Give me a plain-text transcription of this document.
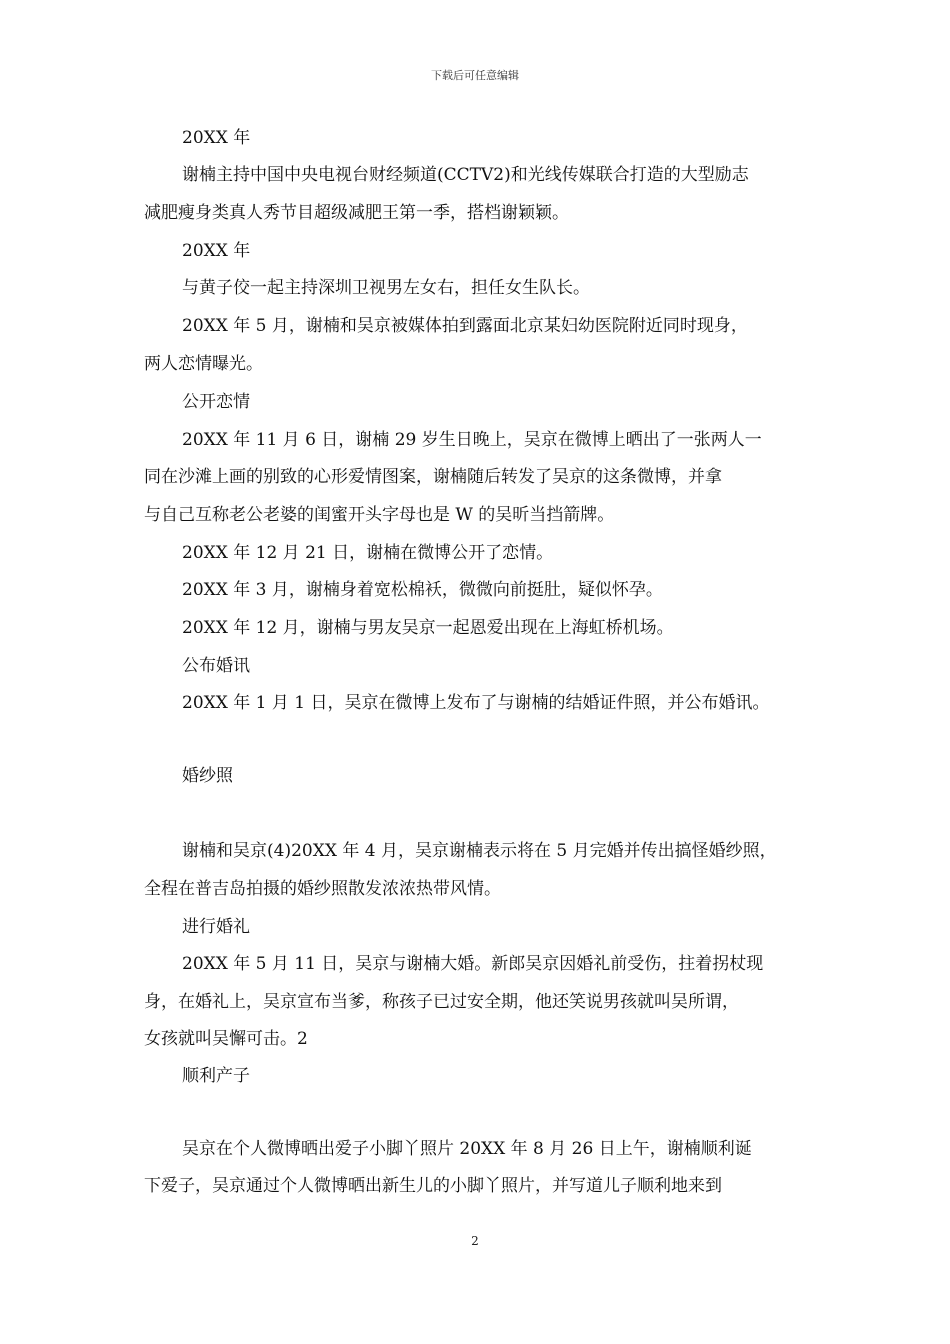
下载后可任意编辑
20XX 年
谢楠主持中国中央电视台财经频道(CCTV2)和光线传媒联合打造的大型励志
减肥瘦身类真人秀节目超级减肥王第一季，搭档谢颖颖。
20XX 年
与黄子佼一起主持深圳卫视男左女右，担任女生队长。
20XX 年 5 月，谢楠和吴京被媒体拍到露面北京某妇幼医院附近同时现身，
两人恋情曝光。
公开恋情
20XX 年 11 月 6 日，谢楠 29 岁生日晚上，吴京在微博上晒出了一张两人一
同在沙滩上画的别致的心形爱情图案，谢楠随后转发了吴京的这条微博，并拿
与自己互称老公老婆的闺蜜开头字母也是 W 的吴昕当挡箭牌。
20XX 年 12 月 21 日，谢楠在微博公开了恋情。
20XX 年 3 月，谢楠身着宽松棉袄，微微向前挺肚，疑似怀孕。
20XX 年 12 月，谢楠与男友吴京一起恩爱出现在上海虹桥机场。
公布婚讯
20XX 年 1 月 1 日，吴京在微博上发布了与谢楠的结婚证件照，并公布婚讯。
婚纱照
谢楠和吴京(4)20XX 年 4 月，吴京谢楠表示将在 5 月完婚并传出搞怪婚纱照，
全程在普吉岛拍摄的婚纱照散发浓浓热带风情。
进行婚礼
20XX 年 5 月 11 日，吴京与谢楠大婚。新郎吴京因婚礼前受伤，拄着拐杖现
身，在婚礼上，吴京宣布当爹，称孩子已过安全期，他还笑说男孩就叫吴所谓，
女孩就叫吴懈可击。2
顺利产子
吴京在个人微博晒出爱子小脚丫照片 20XX 年 8 月 26 日上午，谢楠顺利诞
下爱子，吴京通过个人微博晒出新生儿的小脚丫照片，并写道儿子顺利地来到
2
